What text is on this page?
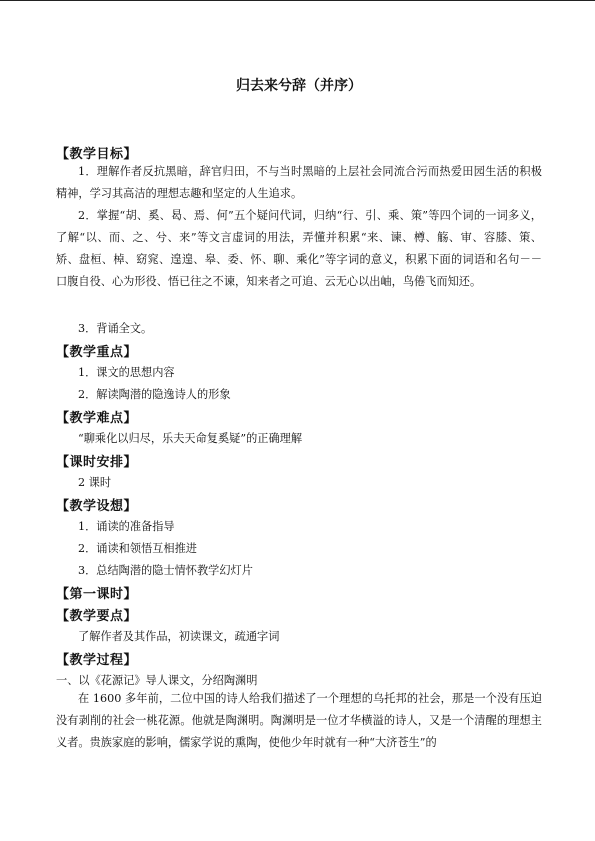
归去来兮辞（并序）
【教学目标】
1．理解作者反抗黑暗，辞官归田，不与当时黑暗的上层社会同流合污而热爱田园生活的积极精神，学习其高洁的理想志趣和坚定的人生追求。
2．掌握“胡、奚、曷、焉、何”五个疑问代词，归纳“行、引、乘、策”等四个词的一词多义，了解“以、而、之、兮、来”等文言虚词的用法，弄懂并积累“来、谏、樽、觞、审、容膝、策、矫、盘桓、棹、窈窕、遑遑、皋、委、怀、聊、乘化”等字词的意义，积累下面的词语和名句－－口腹自役、心为形役、悟已往之不谏，知来者之可追、云无心以出岫，鸟倦飞而知还。
3．背诵全文。
【教学重点】
1．课文的思想内容
2．解读陶潜的隐逸诗人的形象
【教学难点】
“聊乘化以归尽，乐夫天命复奚疑”的正确理解
【课时安排】
2 课时
【教学设想】
1．诵读的准备指导
2．诵读和领悟互相推进
3．总结陶潜的隐士情怀教学幻灯片
【第一课时】
【教学要点】
了解作者及其作品，初读课文，疏通字词
【教学过程】
一、以《花源记》导人课文，分绍陶渊明
在 1600 多年前，二位中国的诗人给我们描述了一个理想的乌托邦的社会，那是一个没有压迫没有剥削的社会一桃花源。他就是陶渊明。陶渊明是一位才华横溢的诗人，又是一个清醒的理想主义者。贵族家庭的影响，儒家学说的熏陶，使他少年时就有一种“大济苍生”的
